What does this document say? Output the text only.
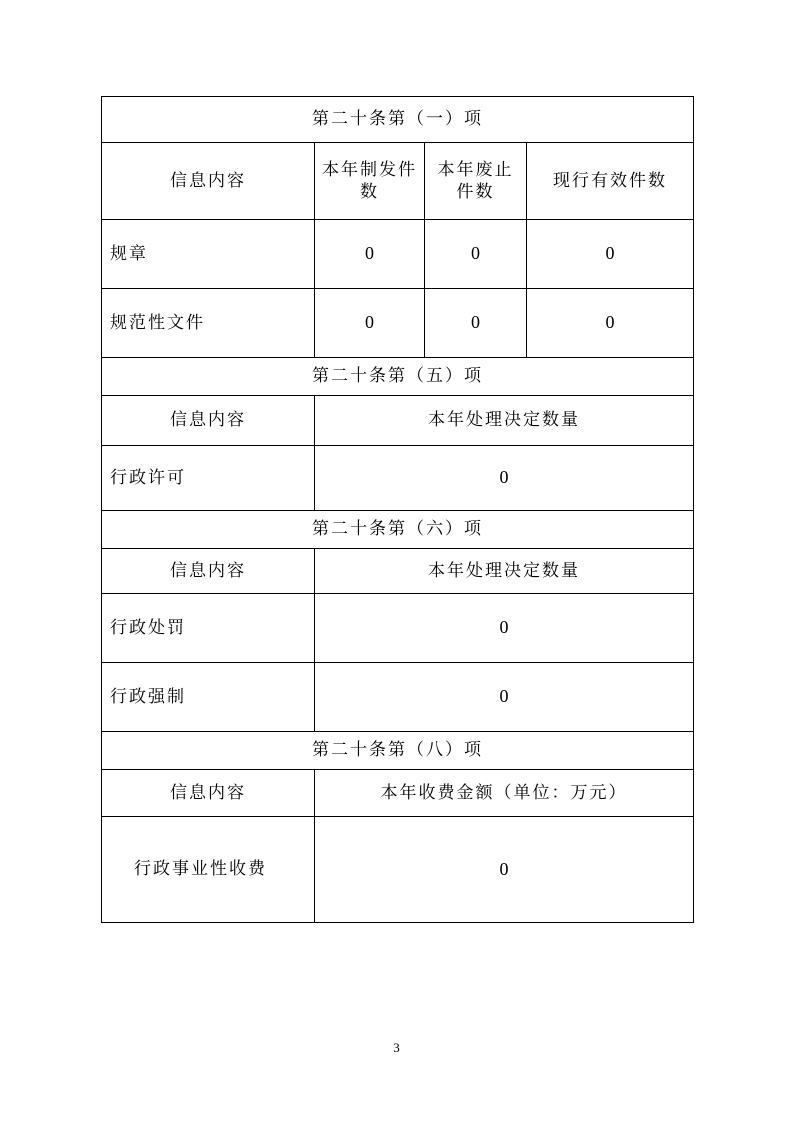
第二十条第（一）项			
信息内容	本年制发件数	本年废止件数	现行有效件数
规章	0	0	0
规范性文件	0	0	0
第二十条第（五）项			
信息内容	本年处理决定数量		
行政许可	0		
第二十条第（六）项			
信息内容	本年处理决定数量		
行政处罚	0		
行政强制	0		
第二十条第（八）项			
信息内容	本年收费金额（单位：万元）		
行政事业性收费	0		
3
